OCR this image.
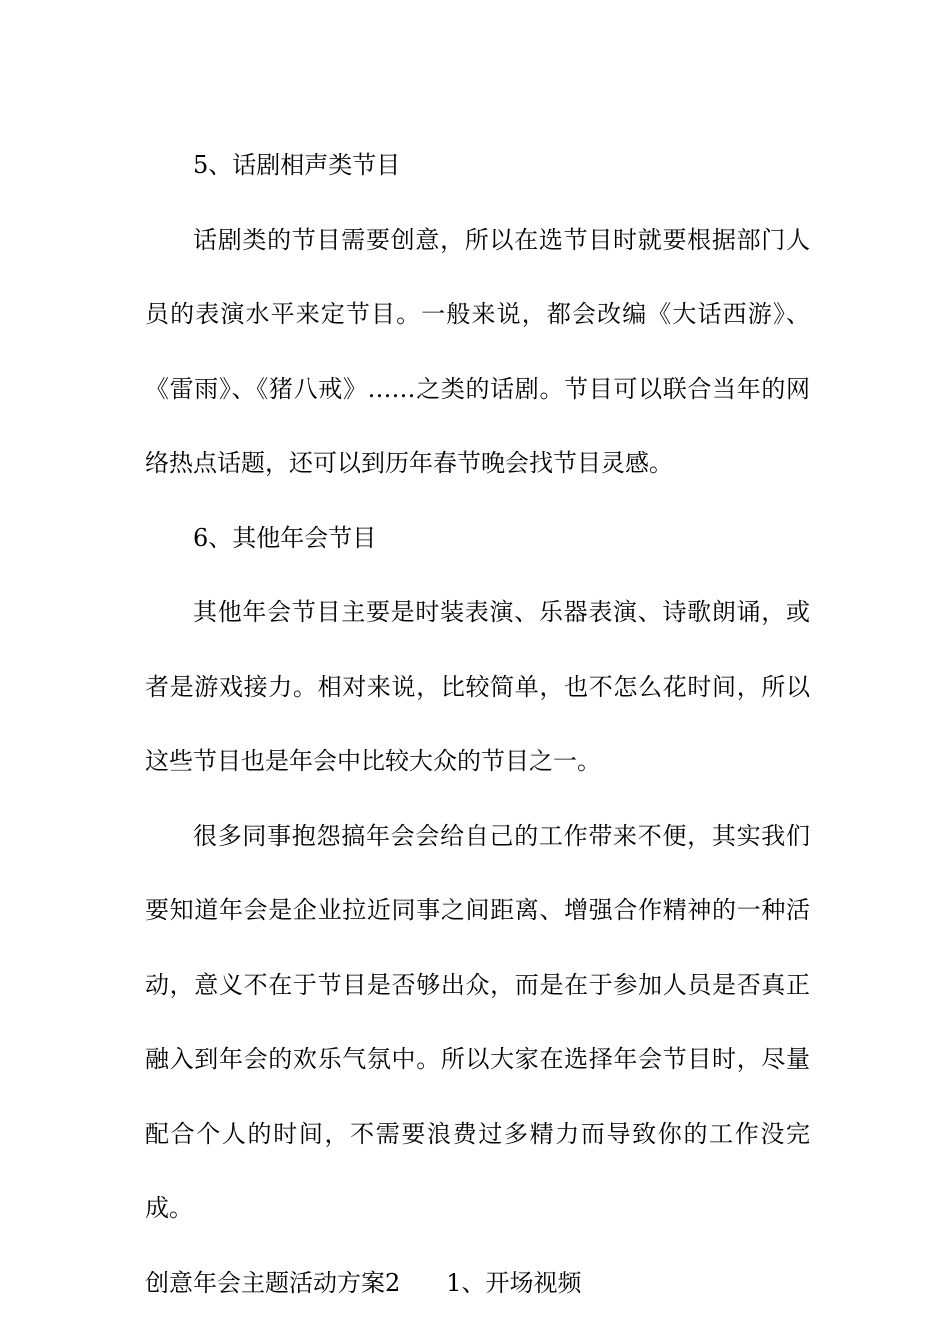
5、话剧相声类节目

话剧类的节目需要创意，所以在选节目时就要根据部门人员的表演水平来定节目。一般来说，都会改编《大话西游》、《雷雨》、《猪八戒》……之类的话剧。节目可以联合当年的网络热点话题，还可以到历年春节晚会找节目灵感。

6、其他年会节目

其他年会节目主要是时装表演、乐器表演、诗歌朗诵，或者是游戏接力。相对来说，比较简单，也不怎么花时间，所以这些节目也是年会中比较大众的节目之一。

很多同事抱怨搞年会会给自己的工作带来不便，其实我们要知道年会是企业拉近同事之间距离、增强合作精神的一种活动，意义不在于节目是否够出众，而是在于参加人员是否真正融入到年会的欢乐气氛中。所以大家在选择年会节目时，尽量配合个人的时间，不需要浪费过多精力而导致你的工作没完成。

创意年会主题活动方案2 1、开场视频
